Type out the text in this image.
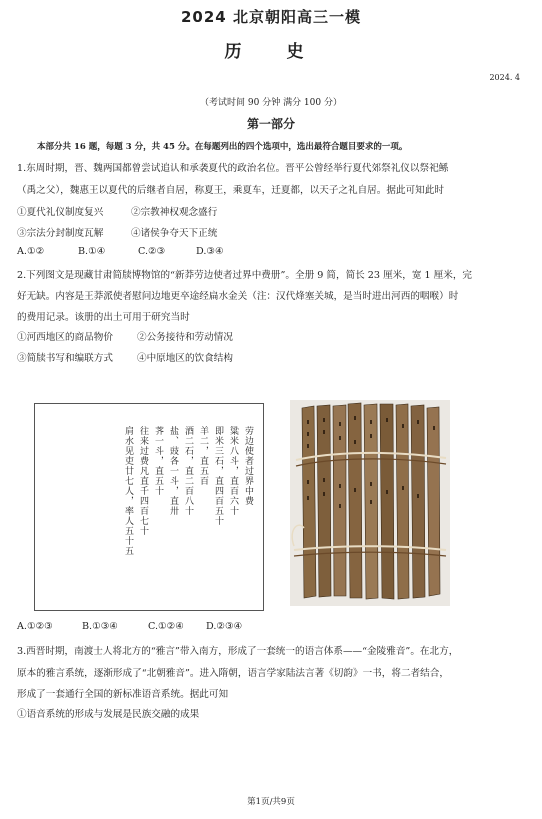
2024 北京朝阳高三一模
历　史
2024. 4
（考试时间 90 分钟 满分 100 分）
第一部分
本部分共 16 题，每题 3 分，共 45 分。在每题列出的四个选项中，选出最符合题目要求的一项。
1.东周时期，晋、魏两国都曾尝试追认和承袭夏代的政治名位。晋平公曾经举行夏代郊祭礼仪以祭祀鲧
（禹之父），魏惠王以夏代的后继者自居，称夏王，乘夏车，迁夏都，以天子之礼自居。据此可知此时
①夏代礼仪制度复兴	②宗教神权观念盛行
③宗法分封制度瓦解	④诸侯争夺天下正统
A.①②	B.①④	C.②③	D.③④
2.下列图文是现藏甘肃简牍博物馆的“新莽劳边使者过界中费册”。全册 9 简，简长 23 厘米，宽 1 厘米，完
好无缺。内容是王莽派使者慰问边地更卒途经扁水金关（注：汉代烽塞关城，是当时进出河西的咽喉）时
的费用记录。该册的出土可用于研究当时
①河西地区的商品物价	②公务接待和劳动情况
③简牍书写和编联方式	④中原地区的饮食结构
劳边使者过界中费
粱米八斗，直百六十
即米三石，直四百五十
羊二，直五百
酒二石，直二百八十
盐、豉各一斗，直卅
荠一斗，直五十
往来过费凡直千四百七十
肩水见吏廿七人，率人五十五
A.①②③	B.①③④	C.①②④ D.②③④
3.西晋时期，南渡士人将北方的“雅言”带入南方，形成了一套统一的语言体系——“金陵雅音”。在北方，
原本的雅言系统，逐渐形成了“北朝雅音”。进入隋朝，语言学家陆法言著《切韵》一书，将二者结合，
形成了一套通行全国的新标准语音系统。据此可知
①语音系统的形成与发展是民族交融的成果
第1页/共9页
